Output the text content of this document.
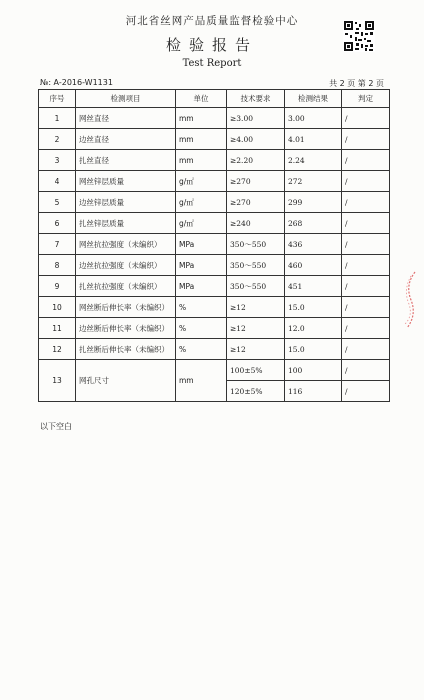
河北省丝网产品质量监督检验中心
检验报告
Test Report
№: A-2016-W1131	共 2 页 第 2 页
序号	检测项目	单位	技术要求	检测结果	判定
1	网丝直径	mm	≥3.00	3.00	/
2	边丝直径	mm	≥4.00	4.01	/
3	扎丝直径	mm	≥2.20	2.24	/
4	网丝锌层质量	g/㎡	≥270	272	/
5	边丝锌层质量	g/㎡	≥270	299	/
6	扎丝锌层质量	g/㎡	≥240	268	/
7	网丝抗拉强度（未编织）	MPa	350～550	436	/
8	边丝抗拉强度（未编织）	MPa	350～550	460	/
9	扎丝抗拉强度（未编织）	MPa	350～550	451	/
10	网丝断后伸长率（未编织）	%	≥12	15.0	/
11	边丝断后伸长率（未编织）	%	≥12	12.0	/
12	扎丝断后伸长率（未编织）	%	≥12	15.0	/
13	网孔尺寸	mm	100±5%	100	/
			120±5%	116	/
以下空白
